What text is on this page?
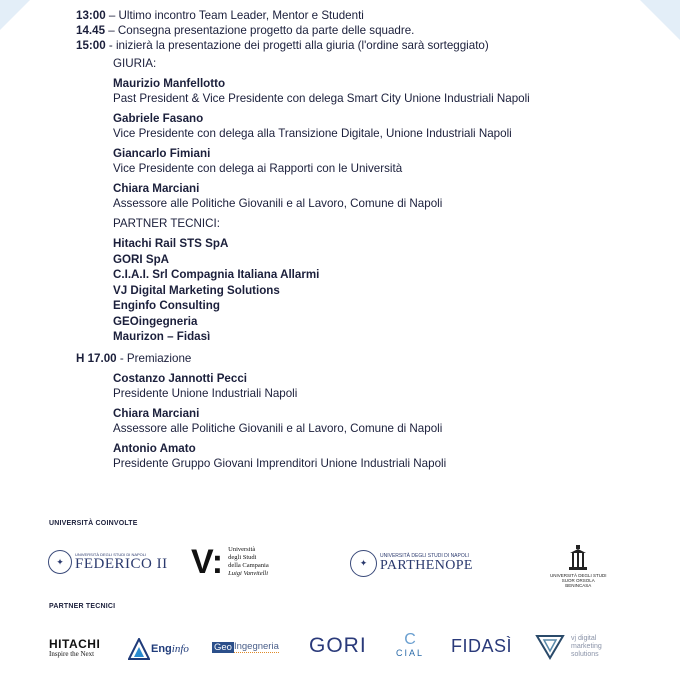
13:00 – Ultimo incontro Team Leader, Mentor e Studenti
14.45 – Consegna presentazione progetto da parte delle squadre.
15:00 - inizierà la presentazione dei progetti alla giuria (l'ordine sarà sorteggiato)
GIURIA:
Maurizio Manfellotto
Past President & Vice Presidente con delega Smart City Unione Industriali Napoli
Gabriele Fasano
Vice Presidente con delega alla Transizione Digitale, Unione Industriali Napoli
Giancarlo Fimiani
Vice Presidente con delega ai Rapporti con le Università
Chiara Marciani
Assessore alle Politiche Giovanili e al Lavoro, Comune di Napoli
PARTNER TECNICI:
Hitachi Rail STS SpA
GORI SpA
C.I.A.I. Srl Compagnia Italiana Allarmi
VJ Digital Marketing Solutions
Enginfo Consulting
GEOingegneria
Maurizon – Fidasì
H 17.00 - Premiazione
Costanzo Jannotti Pecci
Presidente Unione Industriali Napoli
Chiara Marciani
Assessore alle Politiche Giovanili e al Lavoro, Comune di Napoli
Antonio Amato
Presidente Gruppo Giovani Imprenditori Unione Industriali Napoli
UNIVERSITÀ COINVOLTE
✦
UNIVERSITÀ DEGLI STUDI DI NAPOLI
FEDERICO II V: Università
degli Studi
della Campania
Luigi Vanvitelli
✦
UNIVERSITÀ DEGLI STUDI DI NAPOLI
PARTHENOPE
UNIVERSITÀ DEGLI STUDI
SUOR ORSOLA
BENINCASA
PARTNER TECNICI
HITACHI
Inspire the Next	Eng info	Geo Ingegneria GORI C
CIAL FIDASÌ	vj digital
marketing
solutions
